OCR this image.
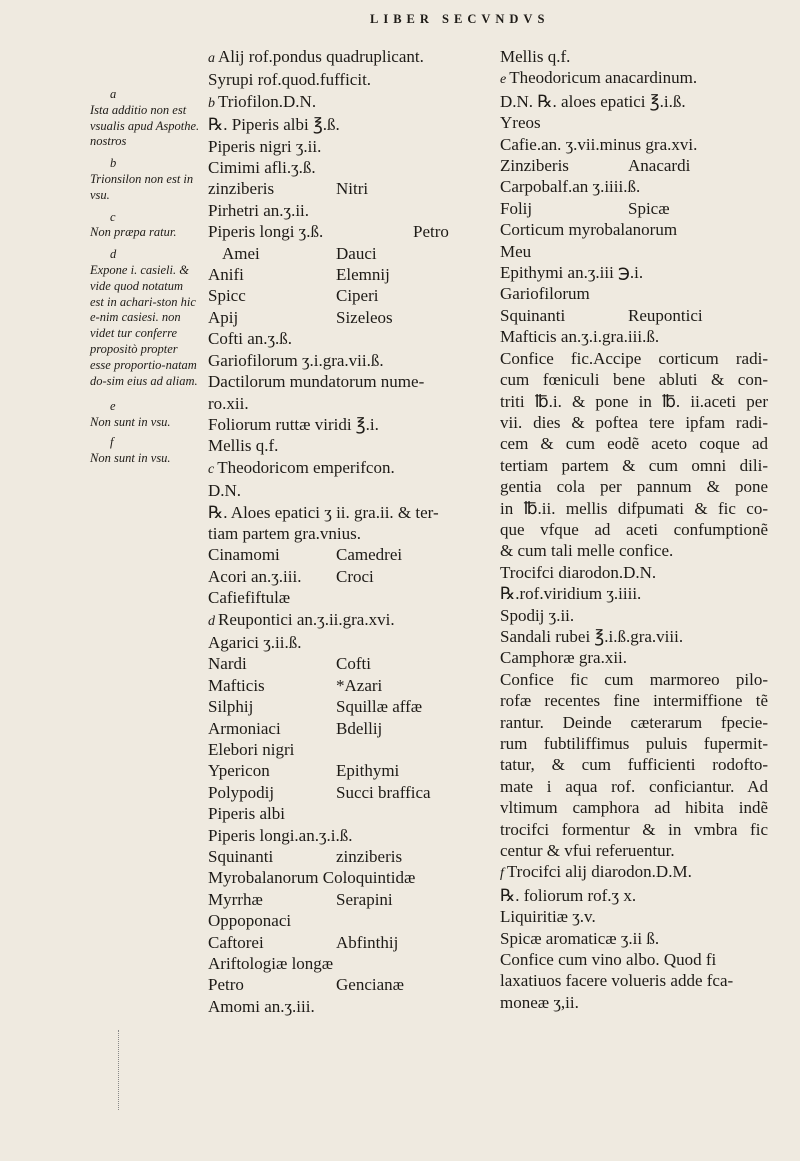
LIBER SECVNDVS
a
Ista additio non est vsualis apud Aspothe. nostros
b
Trionsilon non est in vsu.
c
Non præpa ratur.
d
Expone i. casieli. & vide quod notatum est in achari-ston hic e-nim casiesi. non videt tur conferre propositò propter esse proportio-natam do-sim eius ad aliam.
e
Non sunt in vsu.
f
Non sunt in vsu.
a Alij rof.pondus quadruplicant.
Syrupi rof.quod.fufficit.
b Triofilon.D.N.
℞. Piperis albi ℥.ß.
Piperis nigri ʒ.ii.
Cimimi afli.ʒ.ß.
zinziberis	Nitri
Pirhetri an.ʒ.ii.
Piperis longi ʒ.ß.	Petro
Amei	Dauci
Anifi	Elemnij
Spicc	Ciperi
Apij	Sizeleos
Cofti an.ʒ.ß.
Gariofilorum ʒ.i.gra.vii.ß.
Dactilorum mundatorum nume-
ro.xii.
Foliorum ruttæ viridi ℥.i.
Mellis q.f.
c Theodoricom emperifcon.
D.N.
℞. Aloes epatici ʒ ii. gra.ii. & ter-
tiam partem gra.vnius.
Cinamomi	Camedrei
Acori an.ʒ.iii.	Croci
Cafiefiftulæ
d Reupontici an.ʒ.ii.gra.xvi.
Agarici ʒ.ii.ß.
Nardi	Cofti
Mafticis	*Azari
Silphij	Squillæ affæ
Armoniaci	Bdellij
Elebori nigri
Ypericon	Epithymi
Polypodij	Succi braffica
Piperis albi
Piperis longi.an.ʒ.i.ß.
Squinanti	zinziberis
Myrobalanorum Coloquintidæ
Myrrhæ	Serapini
Oppoponaci
Caftorei	Abfinthij
Ariftologiæ longæ
Petro	Gencianæ
Amomi an.ʒ.iii.
Mellis q.f.
e Theodoricum anacardinum.
D.N. ℞. aloes epatici ℥.i.ß.
Yreos
Cafie.an. ʒ.vii.minus gra.xvi.
Zinziberis	Anacardi
Carpobalf.an ʒ.iiii.ß.
Folij	Spicæ
Corticum myrobalanorum
Meu
Epithymi an.ʒ.iii ℈.i.
Gariofilorum
Squinanti	Reupontici
Mafticis an.ʒ.i.gra.iii.ß.
Confice fic.Accipe corticum radi-
cum fœniculi bene abluti & con-
triti ℔.i. & pone in ℔. ii.aceti per
vii. dies & poftea tere ipfam radi-
cem & cum eodẽ aceto coque ad
tertiam partem & cum omni dili-
gentia cola per pannum & pone
in ℔.ii. mellis difpumati & fic co-
que vfque ad aceti confumptionẽ
& cum tali melle confice.
Trocifci diarodon.D.N.
℞.rof.viridium ʒ.iiii.
Spodij ʒ.ii.
Sandali rubei ℥.i.ß.gra.viii.
Camphoræ gra.xii.
Confice fic cum marmoreo pilo-
rofæ recentes fine intermiffione tẽ
rantur. Deinde cæterarum fpecie-
rum fubtiliffimus puluis fupermit-
tatur, & cum fufficienti rodofto-
mate i aqua rof. conficiantur. Ad
vltimum camphora ad hibita indẽ
trocifci formentur & in vmbra fic
centur & vfui referuentur.
f Trocifci alij diarodon.D.M.
℞. foliorum rof.ʒ x.
Liquiritiæ ʒ.v.
Spicæ aromaticæ ʒ.ii ß.
Confice cum vino albo. Quod fi
laxatiuos facere volueris adde fca-
moneæ ʒ,ii.
